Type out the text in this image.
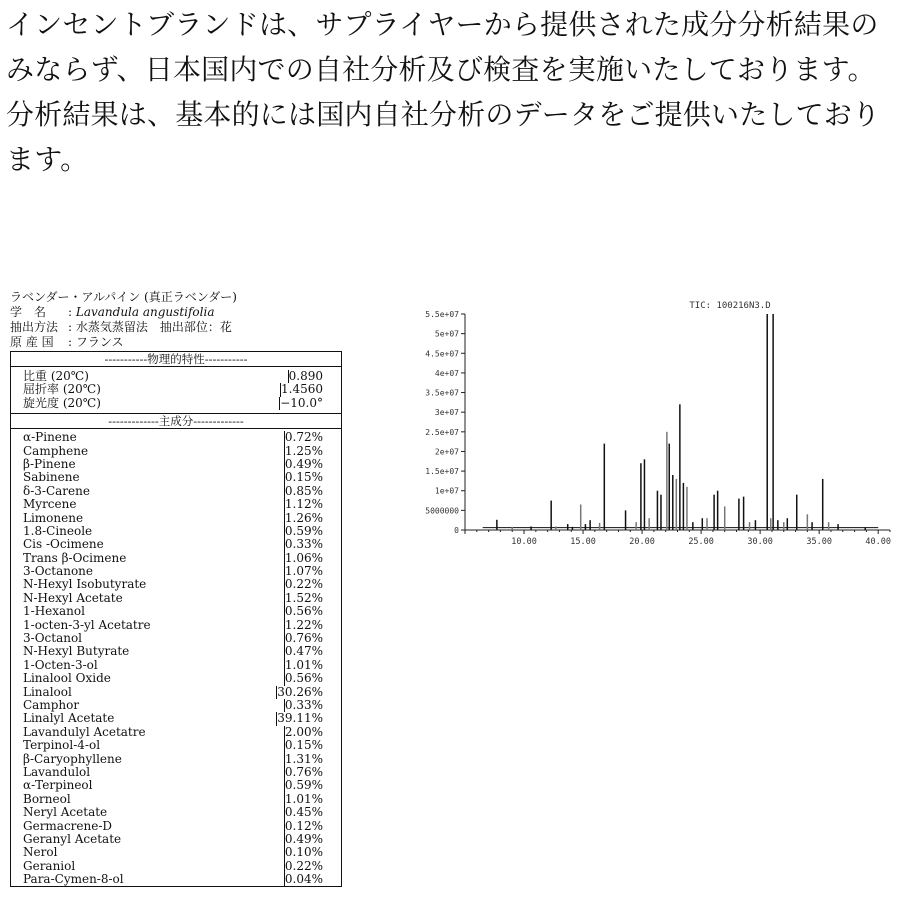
インセントブランドは、サプライヤーから提供された成分分析結果の

みならず、日本国内での自社分析及び検査を実施いたしております。

分析結果は、基本的には国内自社分析のデータをご提供いたしており

ます。

ラベンダー・アルパイン (真正ラベンダー)
学　名 : Lavandula angustifolia
抽出方法 : 水蒸気蒸留法　抽出部位：花
原 産 国 : フランス
-----------物理的特性-----------
比重 (20℃)	0.890
屈折率 (20℃)	1.4560
旋光度 (20℃)	−10.0°
-------------主成分-------------
α-Pinene	0.72%
Camphene	1.25%
β-Pinene	0.49%
Sabinene	0.15%
δ-3-Carene	0.85%
Myrcene	1.12%
Limonene	1.26%
1.8-Cineole	0.59%
Cis -Ocimene	0.33%
Trans β-Ocimene	1.06%
3-Octanone	1.07%
N-Hexyl Isobutyrate	0.22%
N-Hexyl Acetate	1.52%
1-Hexanol	0.56%
1-octen-3-yl Acetatre	1.22%
3-Octanol	0.76%
N-Hexyl Butyrate	0.47%
1-Octen-3-ol	1.01%
Linalool Oxide	0.56%
Linalool	30.26%
Camphor	0.33%
Linalyl Acetate	39.11%
Lavandulyl Acetatre	2.00%
Terpinol-4-ol	0.15%
β-Caryophyllene	1.31%
Lavandulol	0.76%
α-Terpineol	0.59%
Borneol	1.01%
Neryl Acetate	0.45%
Germacrene-D	0.12%
Geranyl Acetate	0.49%
Nerol	0.10%
Geraniol	0.22%
Para-Cymen-8-ol	0.04%
TIC: 100216N3.D
0
5000000
1e+07
1.5e+07
2e+07
2.5e+07
3e+07
3.5e+07
4e+07
4.5e+07
5e+07
5.5e+07
10.00	15.00	20.00	25.00	30.00	35.00	40.00
